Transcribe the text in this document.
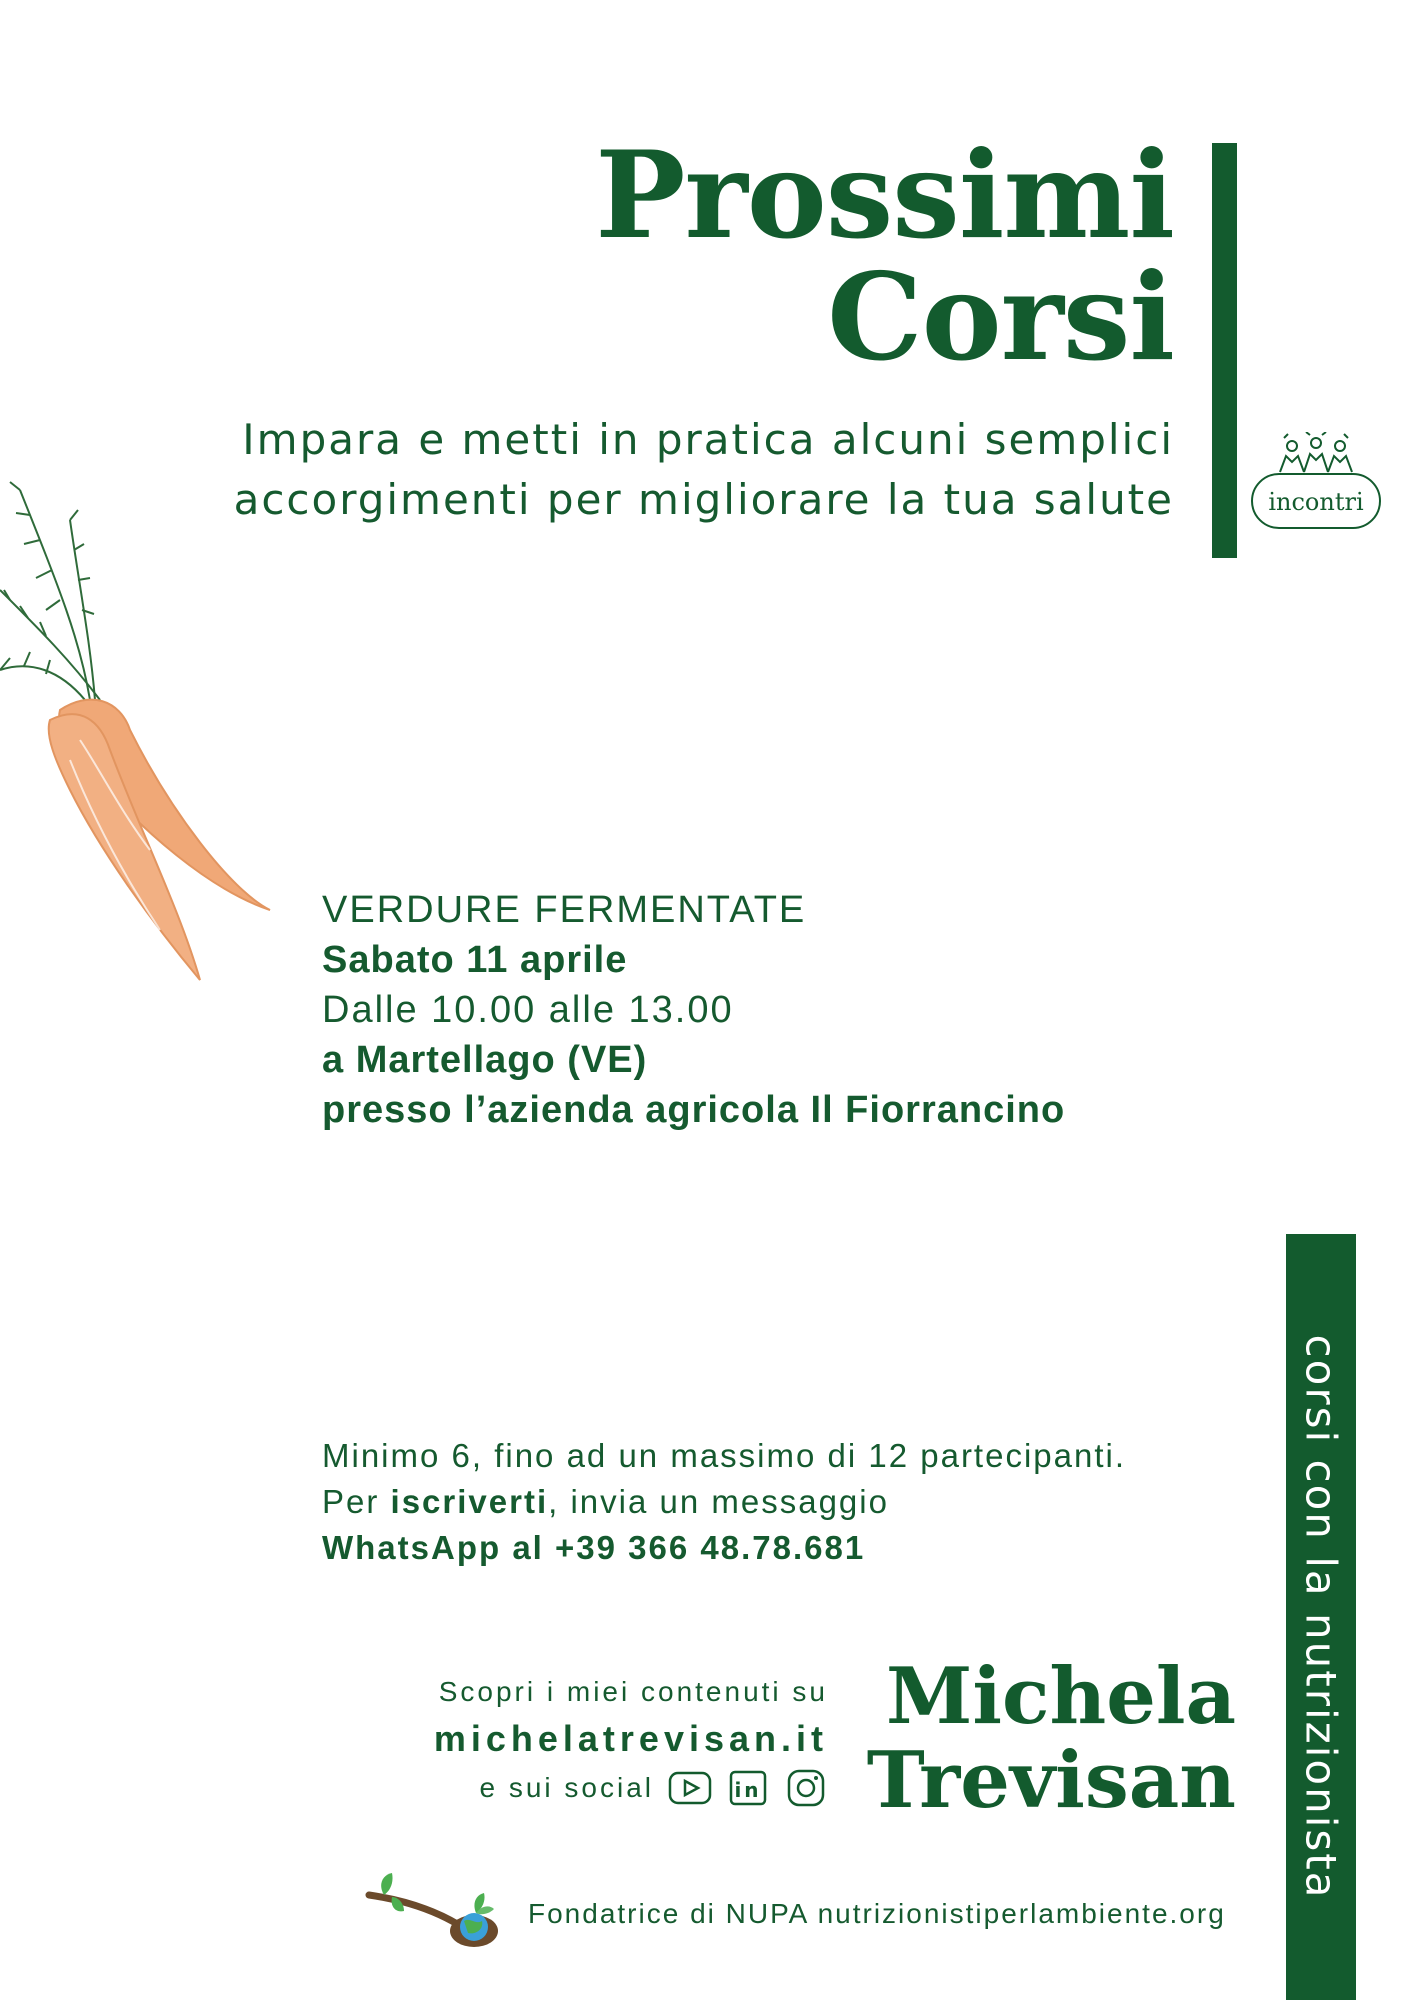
Prossimi
Corsi

Impara e metti in pratica alcuni semplici
accorgimenti per migliorare la tua salute	incontri
VERDURE FERMENTATE
Sabato 11 aprile
Dalle 10.00 alle 13.00
a Martellago (VE)
presso l’azienda agricola Il Fiorrancino
Minimo 6, fino ad un massimo di 12 partecipanti.
Per iscriverti, invia un messaggio
WhatsApp al +39 366 48.78.681	corsi con la nutrizionista
Scopri i miei contenuti su
michelatrevisan.it
e sui social	in
Michela
Trevisan
Fondatrice di NUPA nutrizionistiperlambiente.org
